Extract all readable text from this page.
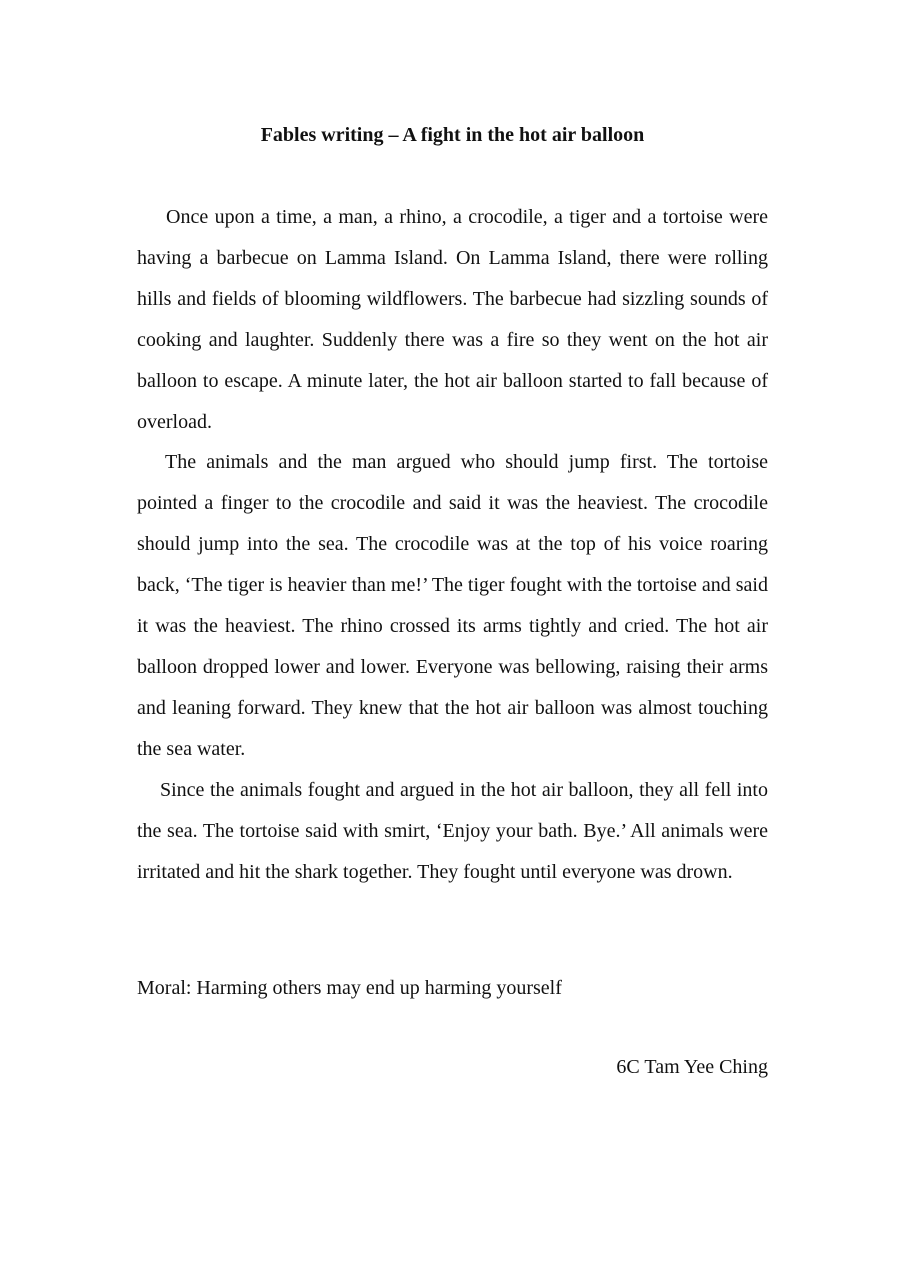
Fables writing – A fight in the hot air balloon

Once upon a time, a man, a rhino, a crocodile, a tiger and a tortoise were having a barbecue on Lamma Island. On Lamma Island, there were rolling hills and fields of blooming wildflowers. The barbecue had sizzling sounds of cooking and laughter. Suddenly there was a fire so they went on the hot air balloon to escape. A minute later, the hot air balloon started to fall because of overload.

The animals and the man argued who should jump first. The tortoise pointed a finger to the crocodile and said it was the heaviest. The crocodile should jump into the sea. The crocodile was at the top of his voice roaring back, ‘The tiger is heavier than me!’ The tiger fought with the tortoise and said it was the heaviest. The rhino crossed its arms tightly and cried. The hot air balloon dropped lower and lower. Everyone was bellowing, raising their arms and leaning forward. They knew that the hot air balloon was almost touching the sea water.

Since the animals fought and argued in the hot air balloon, they all fell into the sea. The tortoise said with smirt, ‘Enjoy your bath. Bye.’ All animals were irritated and hit the shark together. They fought until everyone was drown.

Moral: Harming others may end up harming yourself

6C Tam Yee Ching
